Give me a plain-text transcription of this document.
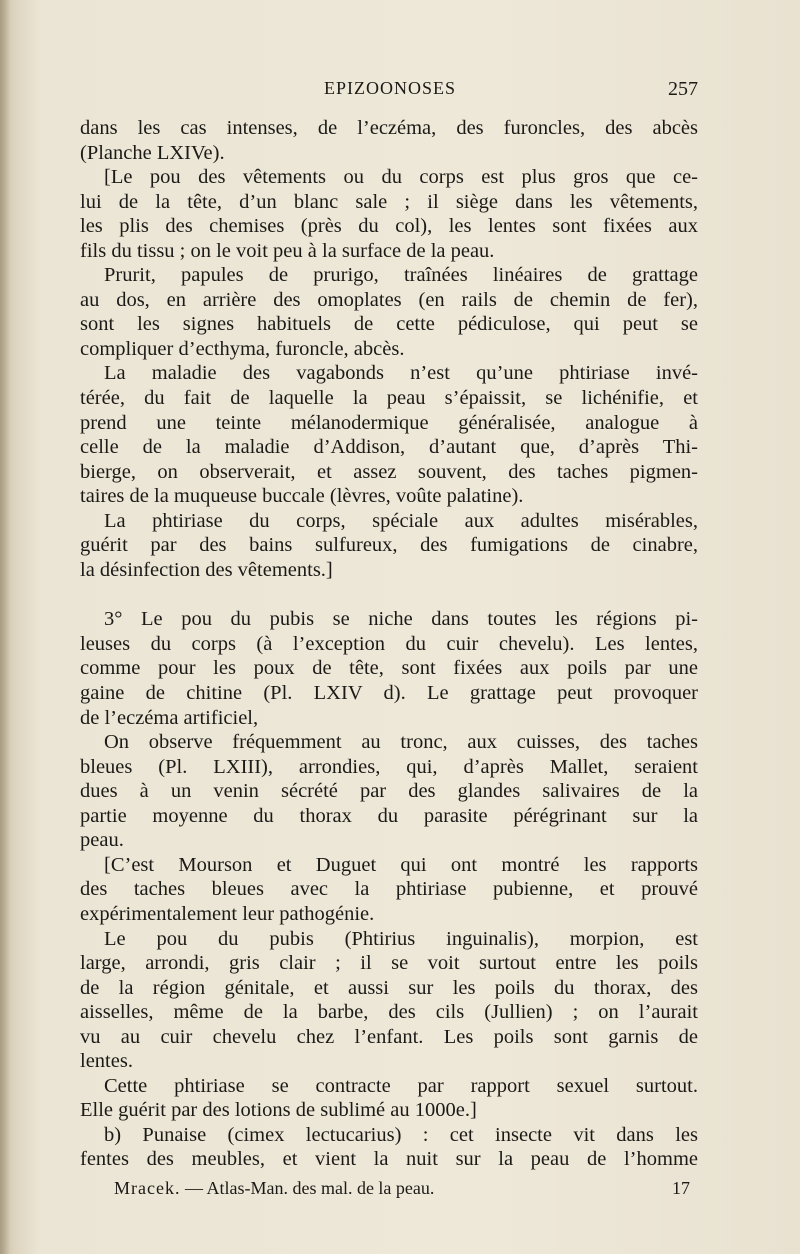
EPIZOONOSES	257
dans les cas intenses, de l’eczéma, des furoncles, des abcès
(Planche LXIVe).
[Le pou des vêtements ou du corps est plus gros que ce-
lui de la tête, d’un blanc sale ; il siège dans les vêtements,
les plis des chemises (près du col), les lentes sont fixées aux
fils du tissu ; on le voit peu à la surface de la peau.
Prurit, papules de prurigo, traînées linéaires de grattage
au dos, en arrière des omoplates (en rails de chemin de fer),
sont les signes habituels de cette pédiculose, qui peut se
compliquer d’ecthyma, furoncle, abcès.
La maladie des vagabonds n’est qu’une phtiriase invé-
térée, du fait de laquelle la peau s’épaissit, se lichénifie, et
prend une teinte mélanodermique généralisée, analogue à
celle de la maladie d’Addison, d’autant que, d’après Thi-
bierge, on observerait, et assez souvent, des taches pigmen-
taires de la muqueuse buccale (lèvres, voûte palatine).
La phtiriase du corps, spéciale aux adultes misérables,
guérit par des bains sulfureux, des fumigations de cinabre,
la désinfection des vêtements.]
3° Le pou du pubis se niche dans toutes les régions pi-
leuses du corps (à l’exception du cuir chevelu). Les lentes,
comme pour les poux de tête, sont fixées aux poils par une
gaine de chitine (Pl. LXIV d). Le grattage peut provoquer
de l’eczéma artificiel,
On observe fréquemment au tronc, aux cuisses, des taches
bleues (Pl. LXIII), arrondies, qui, d’après Mallet, seraient
dues à un venin sécrété par des glandes salivaires de la
partie moyenne du thorax du parasite pérégrinant sur la
peau.
[C’est Mourson et Duguet qui ont montré les rapports
des taches bleues avec la phtiriase pubienne, et prouvé
expérimentalement leur pathogénie.
Le pou du pubis (Phtirius inguinalis), morpion, est
large, arrondi, gris clair ; il se voit surtout entre les poils
de la région génitale, et aussi sur les poils du thorax, des
aisselles, même de la barbe, des cils (Jullien) ; on l’aurait
vu au cuir chevelu chez l’enfant. Les poils sont garnis de
lentes.
Cette phtiriase se contracte par rapport sexuel surtout.
Elle guérit par des lotions de sublimé au 1000e.]
b) Punaise (cimex lectucarius) : cet insecte vit dans les
fentes des meubles, et vient la nuit sur la peau de l’homme
Mracek. — Atlas-Man. des mal. de la peau.	17
